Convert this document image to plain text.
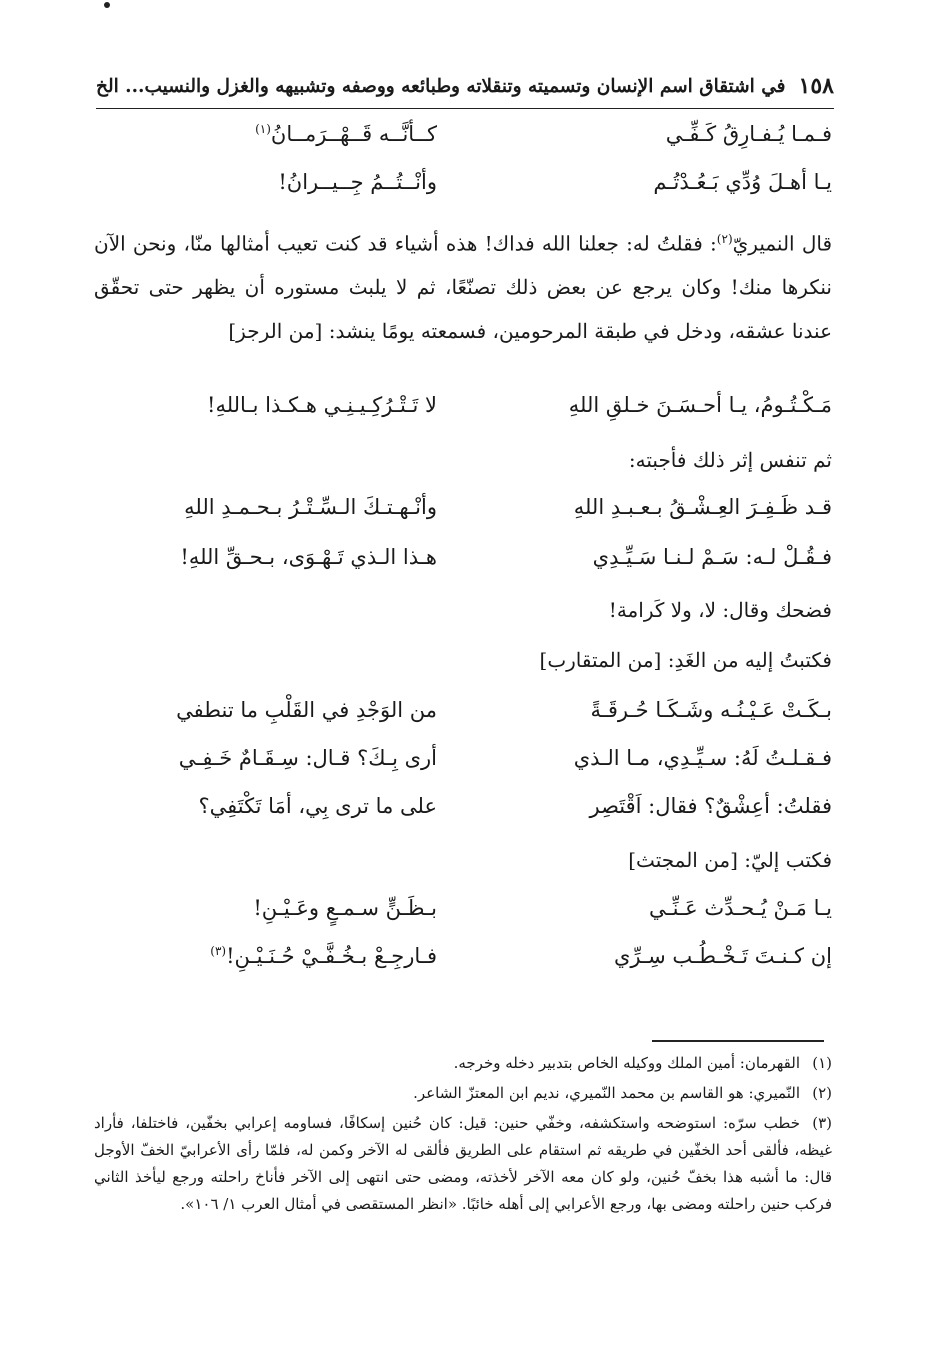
١٥٨
في اشتقاق اسم الإنسان وتسميته وتنقلاته وطبائعه ووصفه وتشبيهه والغزل والنسيب... الخ
فـمـا يُـفـارِقُ كَـفِّـي
كــأنَّــه قَــهْــرَمــانُ$^{(١)}$
يـا أهـلَ وُدِّي بَـعُـدْتُـم
وأنْــتُــمُ جِــيــرانُ!
قال النميريّ$^{(٢)}$: فقلتُ له: جعلنا الله فداك! هذه أشياء قد كنت تعيب أمثالها منّا، ونحن الآن ننكرها منك! وكان يرجع عن بعض ذلك تصنّعًا، ثم لا يلبث مستوره أن يظهر حتى تحقّق عندنا عشقه، ودخل في طبقة المرحومين، فسمعته يومًا ينشد: [من الرجز]
مَـكْـتُـومُ، يـا أحـسَـنَ خـلقِ اللهِ
لا تَـتْـرُكِـيـنِـي هـكـذا بـاللهِ!
ثم تنفس إثر ذلك فأجبته:
قـد ظَـفِـرَ العِـشْـقُ بـعـبـدِ اللهِ
وأنْـهـتـكَ الـسِّـتْـرُ بـحـمـدِ اللهِ
فـقُـلْ لـه: سَـمْ لـنـا سَـيِّـدِي
هـذا الـذي تَـهْـوَى، بـحـقِّ اللهِ!
فضحك وقال: لا، ولا كَرامة!
فكتبتُ إليه من الغَدِ: [من المتقارب]
بـكَـتْ عَـيْـنُـه وشَـكَـا حُـرقَـةً
من الوَجْدِ في القَلْبِ ما تنطفي
فـقـلـتُ لَهُ: سـيِّـدِي، مـا الـذي
أرى بِـكَ؟ قـال: سِـقَـامٌ خَـفِـي
فقلتُ: أعِشْقٌ؟ فقال: اَقْتَصِر
على ما ترى بِي، أمَا تَكْتَفِي؟
فكتب إليّ: [من المجتث]
يـا مَـنْ يُـحـدِّث عَـنِّـي
بـظَـنٍّ سـمـعٍ وعَـيْـنِ!
إن كـنـتَ تَـخْـطُـب سِـرِّي
فـارجِـعْ بـخُـفَّـيْ حُـنَـيْـنِ!$^{(٣)}$
(١)القهرمان: أمين الملك ووكيله الخاص بتدبير دخله وخرجه.
(٢)النّميري: هو القاسم بن محمد النّميري، نديم ابن المعتزّ الشاعر.
(٣)خطب سرّه: استوضحه واستكشفه، وخفّي حنين: قيل: كان حُنين إسكافًا، فساومه إعرابي بخفّين، فاختلفا، فأراد غيظه، فألقى أحد الخفّين في طريقه ثم استقام على الطريق فألقى له الآخر وكمن له، فلمّا رأى الأعرابيّ الخفّ الأوجل قال: ما أشبه هذا بخفّ حُنين، ولو كان معه الآخر لأخذته، ومضى حتى انتهى إلى الآخر فأناخ راحلته ورجع ليأخذ الثاني فركب حنين راحلته ومضى بها، ورجع الأعرابي إلى أهله خائبًا. «انظر المستقصى في أمثال العرب ١/ ١٠٦».
